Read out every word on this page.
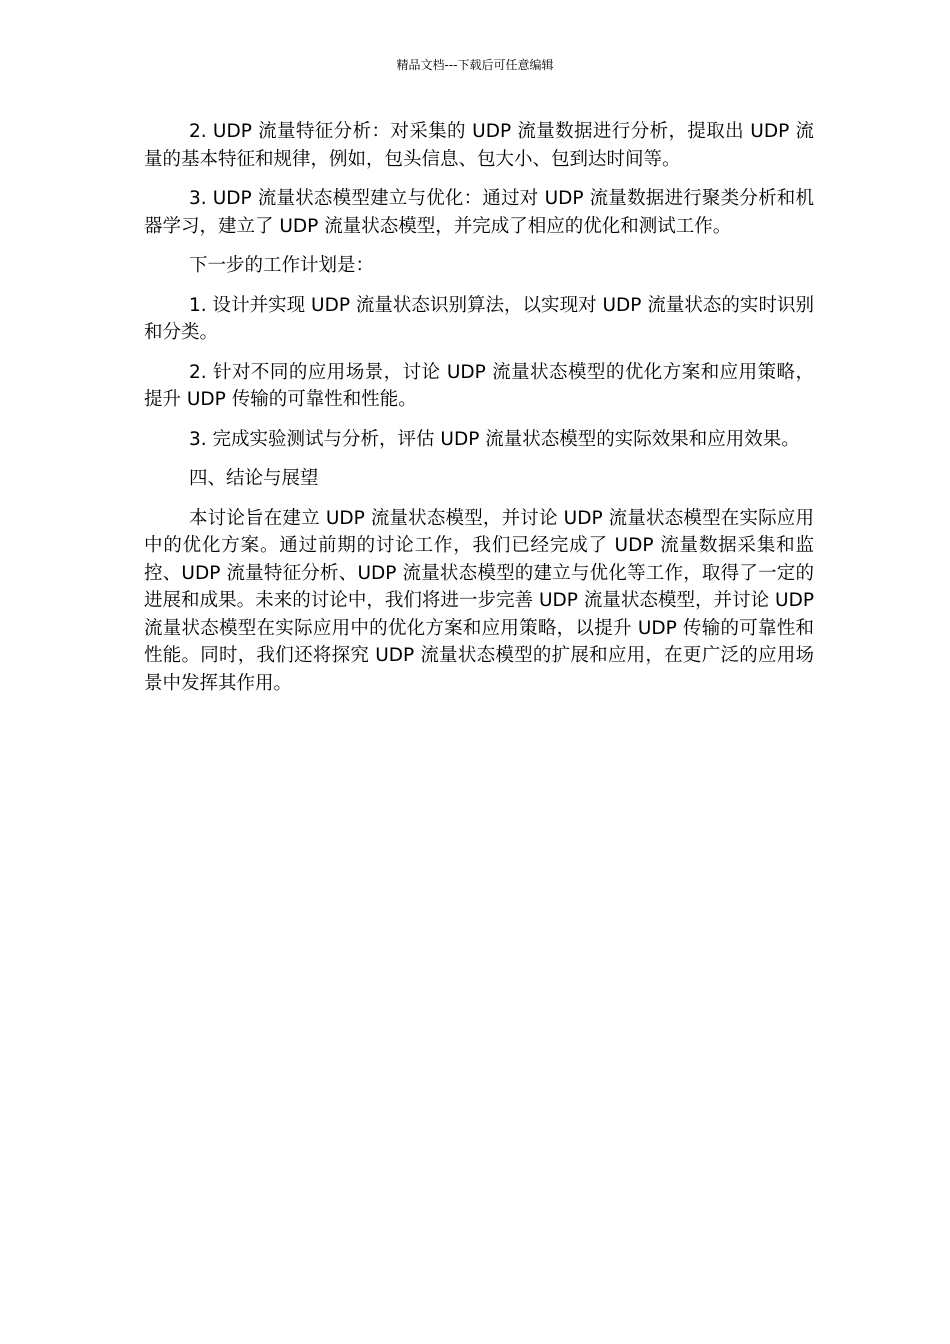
精品文档---下载后可任意编辑

2. UDP 流量特征分析：对采集的 UDP 流量数据进行分析，提取出 UDP 流量的基本特征和规律，例如，包头信息、包大小、包到达时间等。

3. UDP 流量状态模型建立与优化：通过对 UDP 流量数据进行聚类分析和机器学习，建立了 UDP 流量状态模型，并完成了相应的优化和测试工作。

下一步的工作计划是：

1. 设计并实现 UDP 流量状态识别算法，以实现对 UDP 流量状态的实时识别和分类。

2. 针对不同的应用场景，讨论 UDP 流量状态模型的优化方案和应用策略，提升 UDP 传输的可靠性和性能。

3. 完成实验测试与分析，评估 UDP 流量状态模型的实际效果和应用效果。

四、结论与展望

本讨论旨在建立 UDP 流量状态模型，并讨论 UDP 流量状态模型在实际应用中的优化方案。通过前期的讨论工作，我们已经完成了 UDP 流量数据采集和监控、UDP 流量特征分析、UDP 流量状态模型的建立与优化等工作，取得了一定的进展和成果。未来的讨论中，我们将进一步完善 UDP 流量状态模型，并讨论 UDP 流量状态模型在实际应用中的优化方案和应用策略，以提升 UDP 传输的可靠性和性能。同时，我们还将探究 UDP 流量状态模型的扩展和应用，在更广泛的应用场景中发挥其作用。
